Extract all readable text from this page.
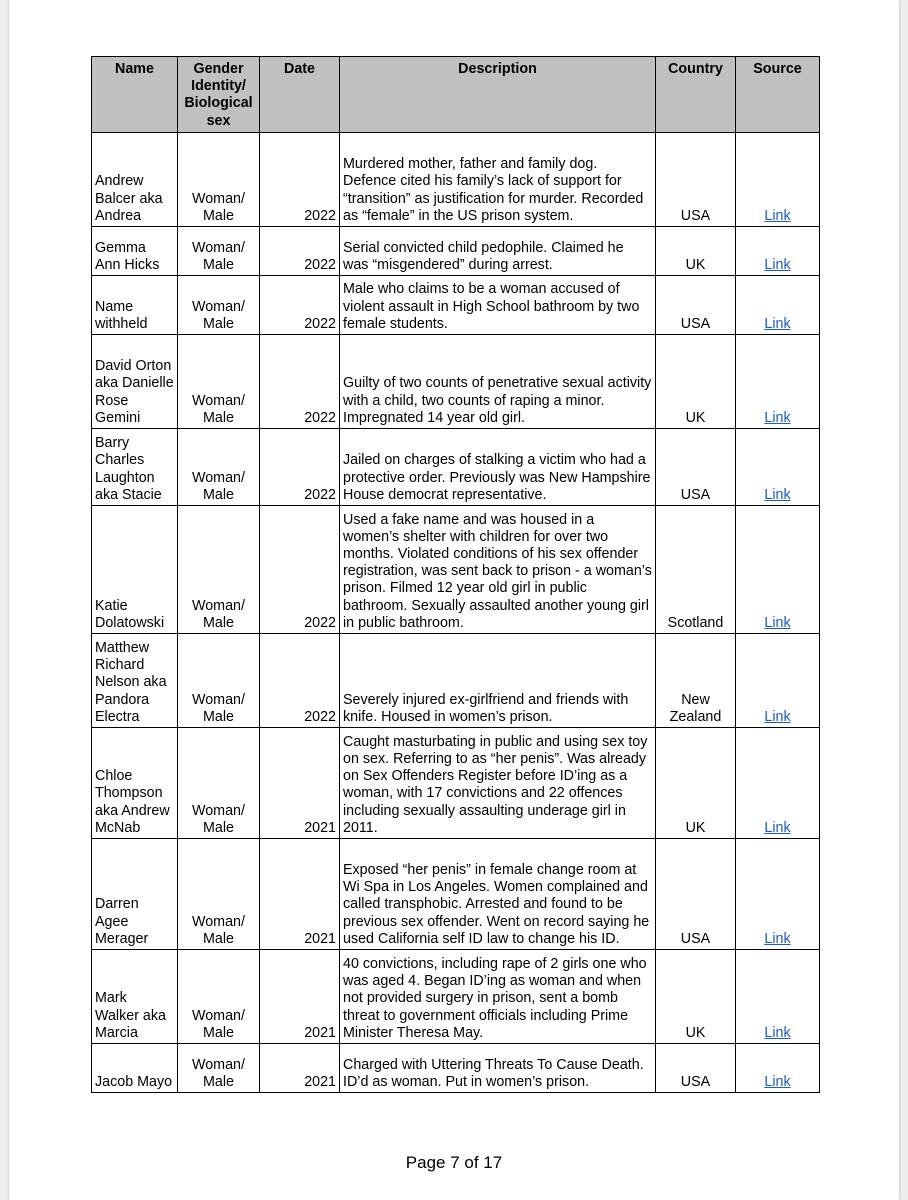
Name	Gender Identity/ Biological sex	Date	Description	Country	Source
Andrew Balcer aka Andrea	Woman/ Male	2022	Murdered mother, father and family dog. Defence cited his family’s lack of support for “transition” as justification for murder. Recorded as “female” in the US prison system.	USA	Link
Gemma Ann Hicks	Woman/ Male	2022	Serial convicted child pedophile. Claimed he was “misgendered” during arrest.	UK	Link
Name withheld	Woman/ Male	2022	Male who claims to be a woman accused of violent assault in High School bathroom by two female students.	USA	Link
David Orton aka Danielle Rose Gemini	Woman/ Male	2022	Guilty of two counts of penetrative sexual activity with a child, two counts of raping a minor. Impregnated 14 year old girl.	UK	Link
Barry Charles Laughton aka Stacie	Woman/ Male	2022	Jailed on charges of stalking a victim who had a protective order. Previously was New Hampshire House democrat representative.	USA	Link
Katie Dolatowski	Woman/ Male	2022	Used a fake name and was housed in a women’s shelter with children for over two months. Violated conditions of his sex offender registration, was sent back to prison - a woman’s prison. Filmed 12 year old girl in public bathroom. Sexually assaulted another young girl in public bathroom.	Scotland	Link
Matthew Richard Nelson aka Pandora Electra	Woman/ Male	2022	Severely injured ex-girlfriend and friends with knife. Housed in women’s prison.	New Zealand	Link
Chloe Thompson aka Andrew McNab	Woman/ Male	2021	Caught masturbating in public and using sex toy on sex. Referring to as “her penis”. Was already on Sex Offenders Register before ID’ing as a woman, with 17 convictions and 22 offences including sexually assaulting underage girl in 2011.	UK	Link
Darren Agee Merager	Woman/ Male	2021	Exposed “her penis” in female change room at Wi Spa in Los Angeles. Women complained and called transphobic. Arrested and found to be previous sex offender. Went on record saying he used California self ID law to change his ID.	USA	Link
Mark Walker aka Marcia	Woman/ Male	2021	40 convictions, including rape of 2 girls one who was aged 4. Began ID’ing as woman and when not provided surgery in prison, sent a bomb threat to government officials including Prime Minister Theresa May.	UK	Link
Jacob Mayo	Woman/ Male	2021	Charged with Uttering Threats To Cause Death. ID’d as woman. Put in women’s prison.	USA	Link
Page 7 of 17
